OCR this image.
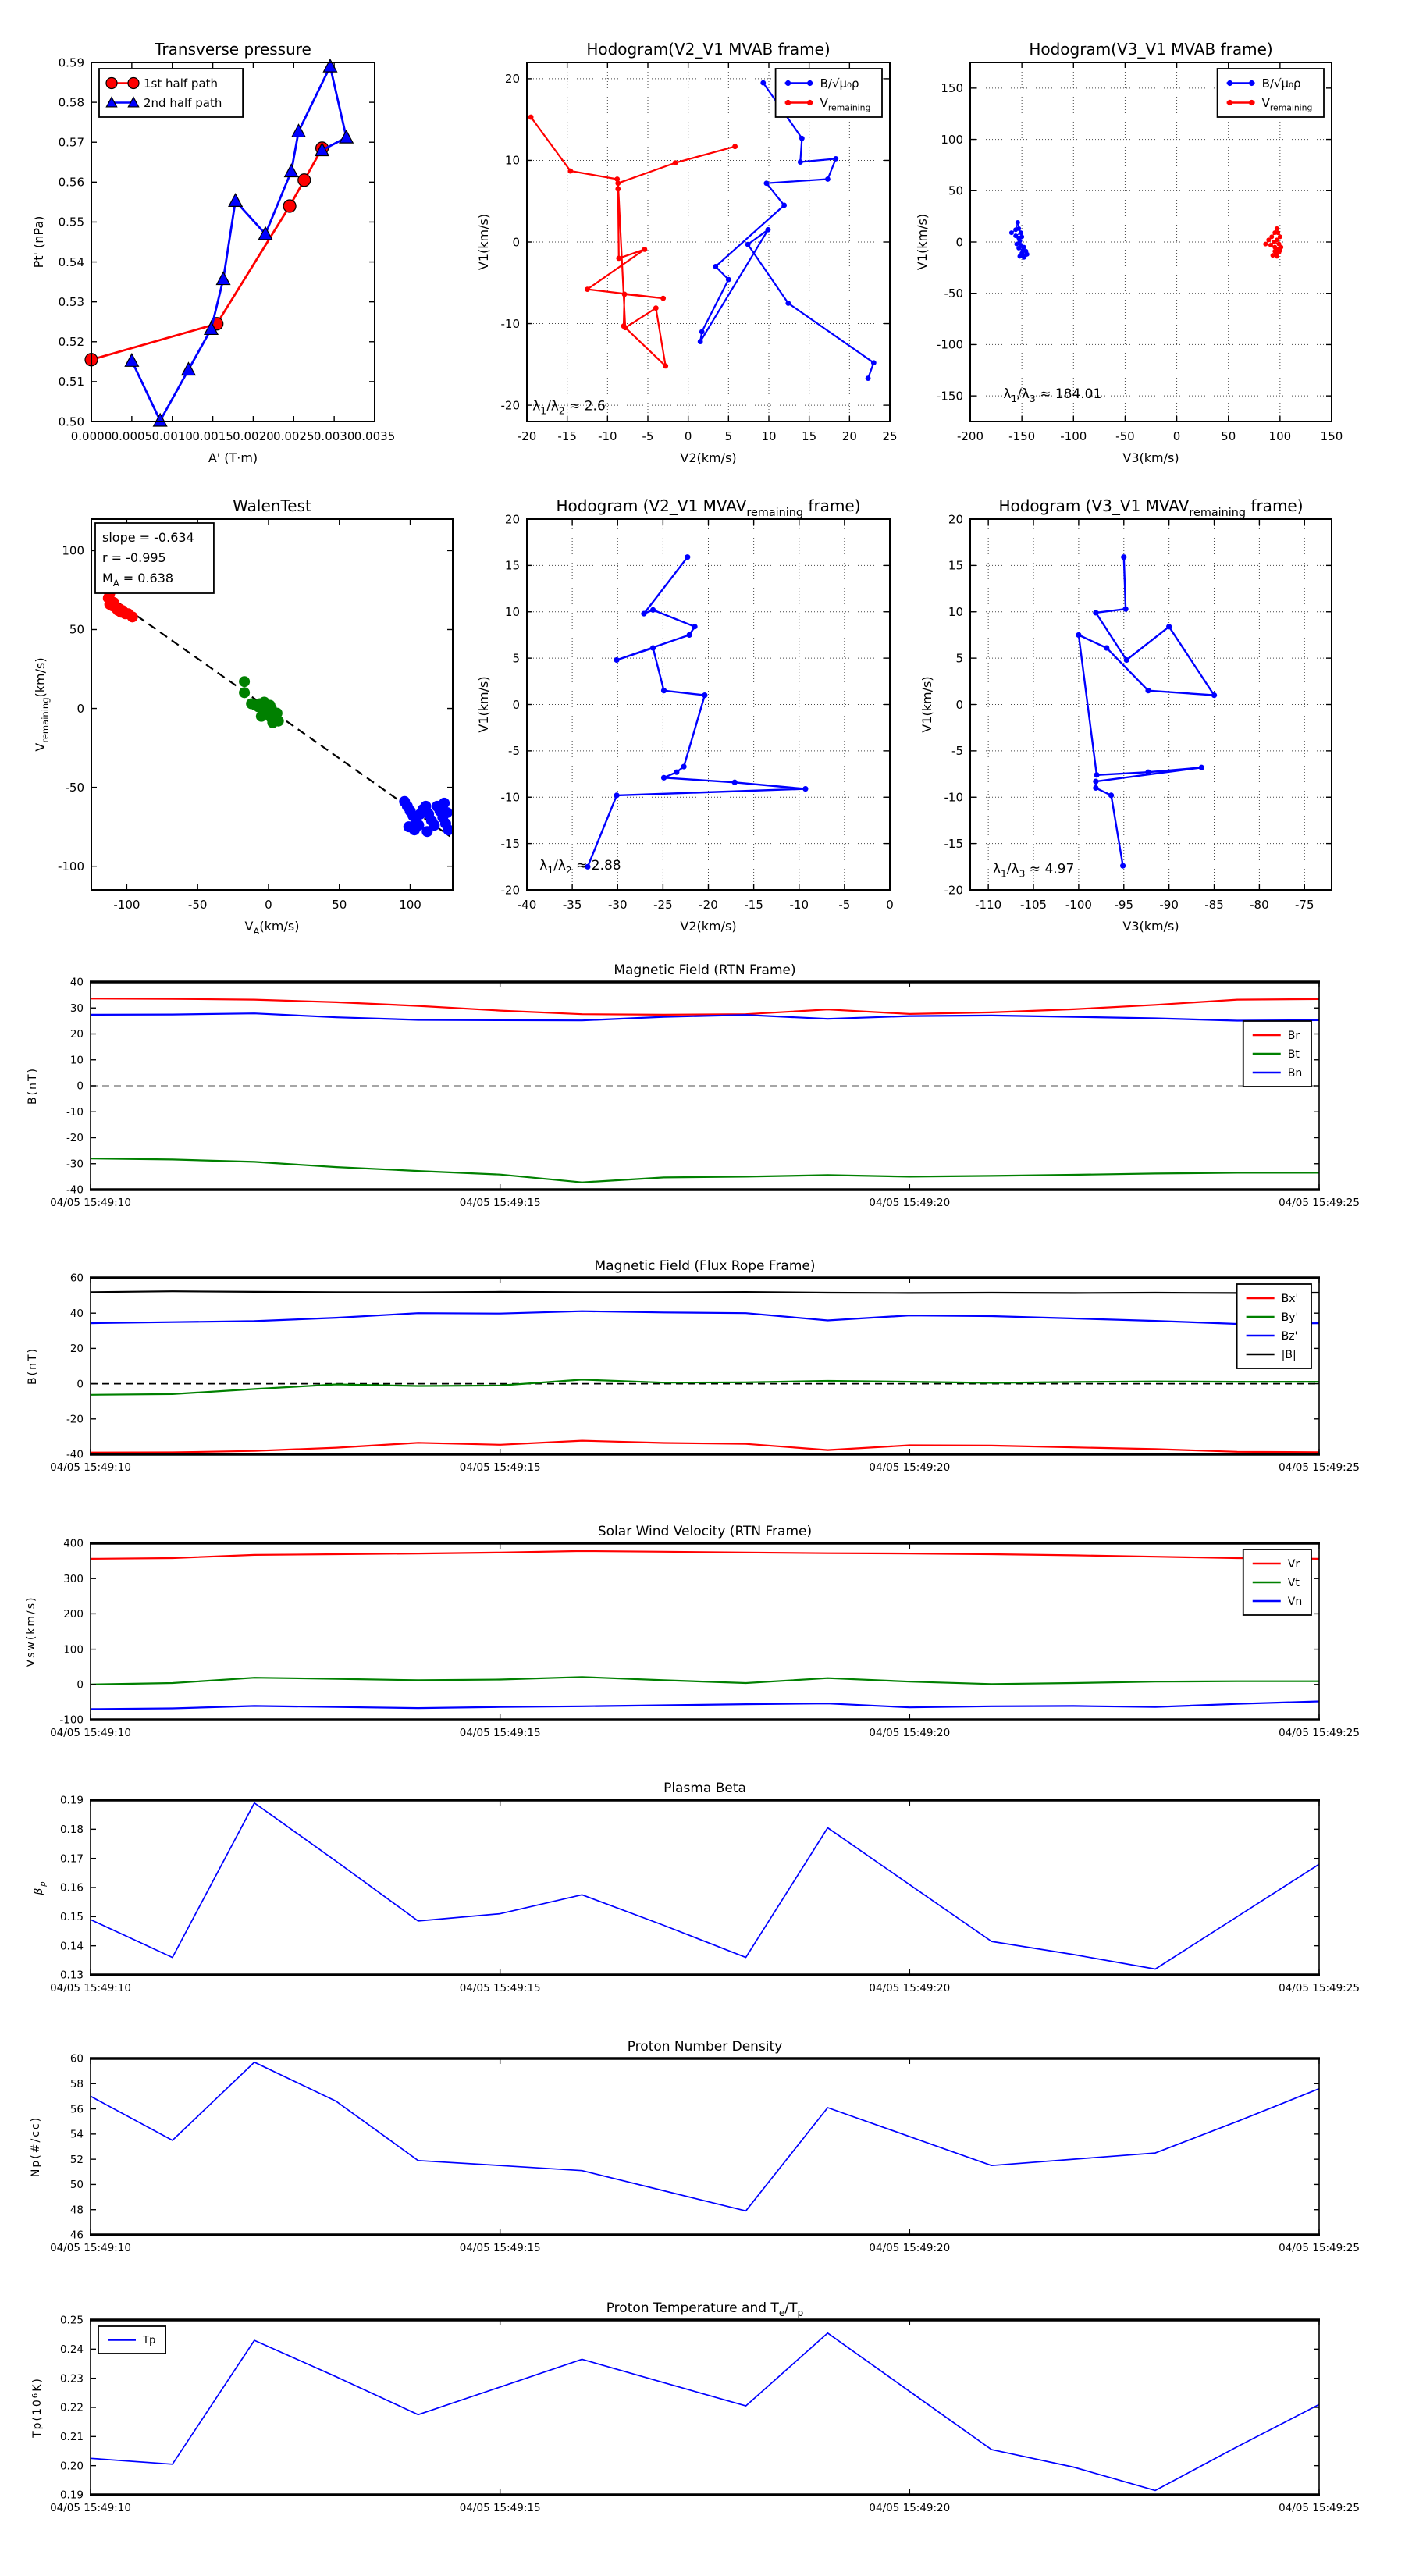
0.0000 0.0005 0.0010 0.0015 0.0020 0.0025 0.0030 0.0035
0.50
0.51
0.52
0.53
0.54
0.55
0.56
0.57
0.58
0.59
Transverse pressure
A' (T·m)
Pt' (nPa)
1st half path
2nd half path
-20 -15 -10 -5	0	5 10 15 20 25
-20
-10
0
10
20
Hodogram(V2_V1 MVAB frame)
V2(km/s)
V1(km/s)
$\lambda_1/\lambda_2 \approx 2.6$
B/√μ₀ρ
$V_{remaining}$
-200 -150 -100 -50	0	50	100	150
-150
-100
-50
0
50
100
150
Hodogram(V3_V1 MVAB frame)
V3(km/s)
V1(km/s)
$\lambda_1/\lambda_3 \approx 184.01$
B/√μ₀ρ
$V_{remaining}$
-100	-50	0	50	100
-100
-50
0
50
100
WalenTest
$V_A(km/s)$
$V_{remaining}(km/s)$
slope = -0.634
r = -0.995
$M_A = 0.638$
-40 -35 -30 -25 -20 -15 -10	-5	0
-20
-15
-10
-5
0
5
10
15
20
Hodogram (V2_V1 $MVAV_{remaining}$ frame)
V2(km/s)
V1(km/s)
$\lambda_1/\lambda_2 \approx 2.88$
-110 -105 -100 -95 -90 -85 -80 -75
-20
-15
-10
-5
0
5
10
15
20
Hodogram (V3_V1 $MVAV_{remaining}$ frame)
V3(km/s)
V1(km/s)
$\lambda_1/\lambda_3 \approx 4.97$
04/05 15:49:10	04/05 15:49:15	04/05 15:49:20	04/05 15:49:25
-40
-30
-20
-10
0
10
20
30
40
Magnetic Field (RTN Frame)
B(nT)
Br
Bt
Bn
04/05 15:49:10	04/05 15:49:15	04/05 15:49:20	04/05 15:49:25
-40
-20
0
20
40
60
Magnetic Field (Flux Rope Frame)
B(nT)
Bx'
By'
Bz'
|B|
04/05 15:49:10	04/05 15:49:15	04/05 15:49:20	04/05 15:49:25
-100
0
100
200
300
400
Solar Wind Velocity (RTN Frame)
Vsw(km/s)
Vr
Vt
Vn
04/05 15:49:10	04/05 15:49:15	04/05 15:49:20	04/05 15:49:25
0.13
0.14
0.15
0.16
0.17
0.18
0.19
Plasma Beta
$\beta_p$
04/05 15:49:10	04/05 15:49:15	04/05 15:49:20	04/05 15:49:25
46
48
50
52
54
56
58
60
Proton Number Density
Np(#/cc)
04/05 15:49:10	04/05 15:49:15	04/05 15:49:20	04/05 15:49:25
0.19
0.20
0.21
0.22
0.23
0.24
0.25
Proton Temperature and $T_e/T_p$
$Tp(10^6K)$
Tp
